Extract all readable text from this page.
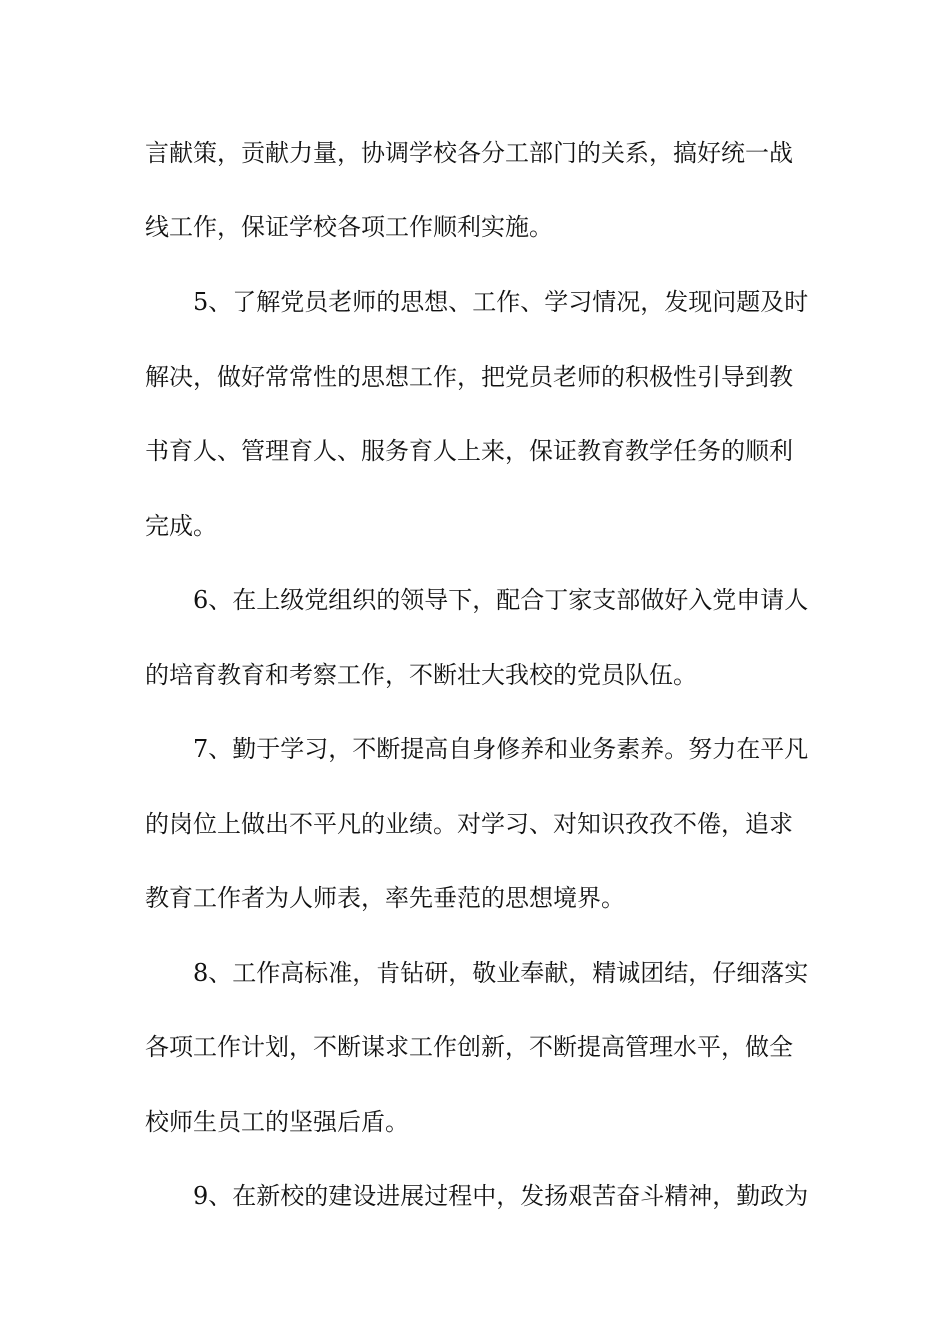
言献策，贡献力量，协调学校各分工部门的关系，搞好统一战
线工作，保证学校各项工作顺利实施。
5、了解党员老师的思想、工作、学习情况，发现问题及时
解决，做好常常性的思想工作，把党员老师的积极性引导到教
书育人、管理育人、服务育人上来，保证教育教学任务的顺利
完成。
6、在上级党组织的领导下，配合丁家支部做好入党申请人
的培育教育和考察工作，不断壮大我校的党员队伍。
7、勤于学习，不断提高自身修养和业务素养。努力在平凡
的岗位上做出不平凡的业绩。对学习、对知识孜孜不倦，追求
教育工作者为人师表，率先垂范的思想境界。
8、工作高标准，肯钻研，敬业奉献，精诚团结，仔细落实
各项工作计划，不断谋求工作创新，不断提高管理水平，做全
校师生员工的坚强后盾。
9、在新校的建设进展过程中，发扬艰苦奋斗精神，勤政为
